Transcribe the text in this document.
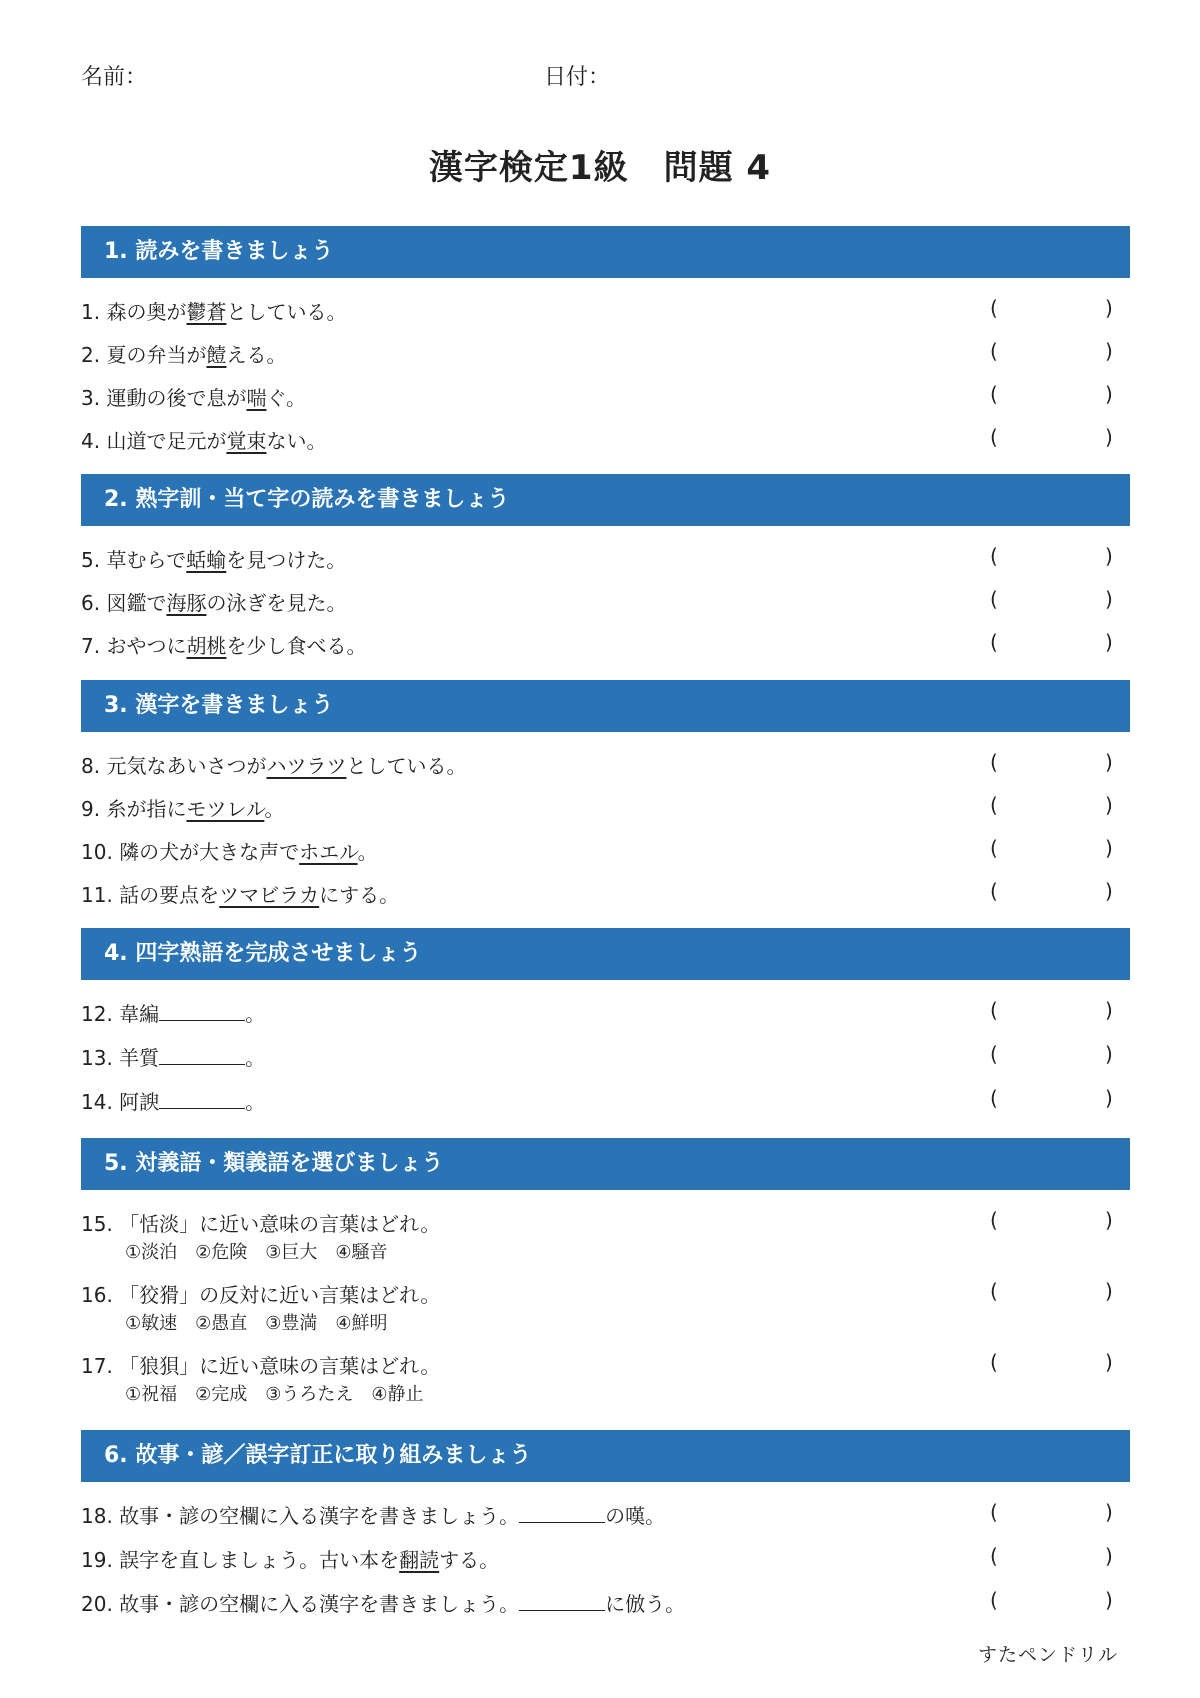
名前：	日付：
漢字検定1級　問題 4
1. 読みを書きましょう
1. 森の奥が鬱蒼としている。	(	)
2. 夏の弁当が饐える。	(	)
3. 運動の後で息が喘ぐ。	(	)
4. 山道で足元が覚束ない。	(	)
2. 熟字訓・当て字の読みを書きましょう
5. 草むらで蛞蝓を見つけた。	(	)
6. 図鑑で海豚の泳ぎを見た。	(	)
7. おやつに胡桃を少し食べる。	(	)
3. 漢字を書きましょう
8. 元気なあいさつがハツラツとしている。	(	)
9. 糸が指にモツレル。	(	)
10. 隣の犬が大きな声でホエル。	(	)
11. 話の要点をツマビラカにする。	(	)
4. 四字熟語を完成させましょう
12. 韋編	。	(	)
13. 羊質	。	(	)
14. 阿諛	。	(	)
5. 対義語・類義語を選びましょう
15. 「恬淡」に近い意味の言葉はどれ。	(	)
①淡泊 ②危険 ③巨大 ④騒音
16. 「狡猾」の反対に近い言葉はどれ。	(	)
①敏速 ②愚直 ③豊満 ④鮮明
17. 「狼狽」に近い意味の言葉はどれ。	(	)
①祝福 ②完成 ③うろたえ ④静止
6. 故事・諺／誤字訂正に取り組みましょう
18. 故事・諺の空欄に入る漢字を書きましょう。	の嘆。	(	)
19. 誤字を直しましょう。古い本を翻読する。	(	)
20. 故事・諺の空欄に入る漢字を書きましょう。	に倣う。	(	)
すたペンドリル
